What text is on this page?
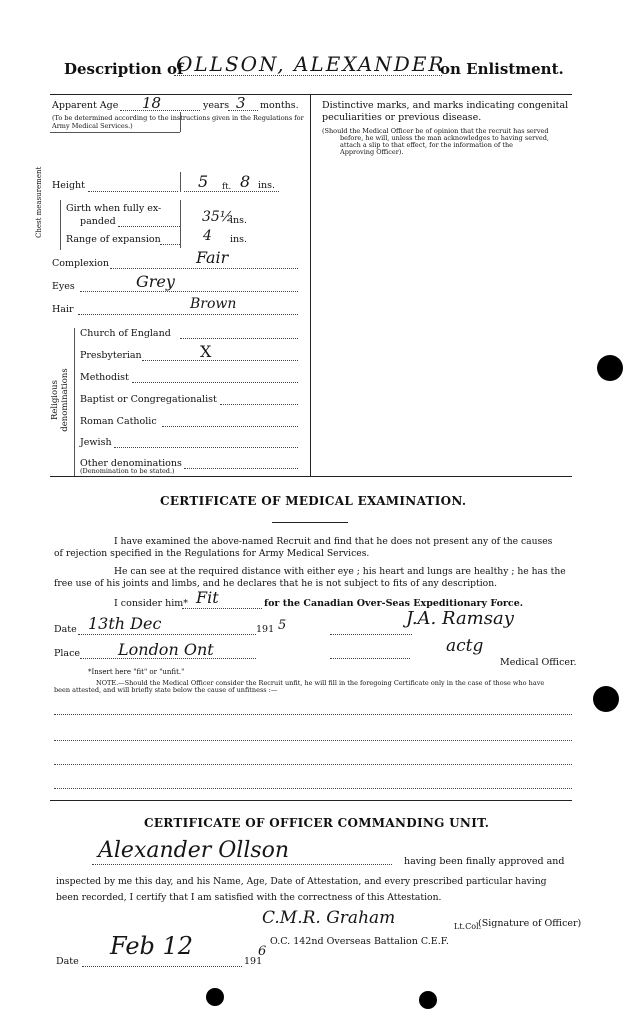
Description of
OLLSON, ALEXANDER
on Enlistment.
Apparent Age 18	years 3 months.
(To be determined according to the instructions given in the Regulations for Army Medical Services.)
Height	5 ft. 8 ins.
Chest measurement Girth when fully ex-
panded	35½
ins.
Range of expansion	4 ins.
Complexion	Fair
Eyes	Grey
Hair	Brown
Religious denominations
Church of England
Presbyterian	X
Methodist
Baptist or Congregationalist
Roman Catholic
Jewish
Other denominations
(Denomination to be stated.)
Distinctive marks, and marks indicating congenital
peculiarities or previous disease.
(Should the Medical Officer be of opinion that the recruit has served
before, he will, unless the man acknowledges to having served,
attach a slip to that effect, for the information of the
Approving Officer).
CERTIFICATE OF MEDICAL EXAMINATION.
I have examined the above-named Recruit and find that he does not present any of the causes
of rejection specified in the Regulations for Army Medical Services.
He can see at the required distance with either eye ; his heart and lungs are healthy ; he has the
free use of his joints and limbs, and he declares that he is not subject to fits of any description.
I consider him* Fit	for the Canadian Over-Seas Expeditionary Force.
Date 13th Dec	191 5	J.A. Ramsay
Place London Ont	actg
*Insert here "fit" or "unfit."
Medical Officer.
NOTE.—Should the Medical Officer consider the Recruit unfit, he will fill in the foregoing Certificate only in the case of those who have
been attested, and will briefly state below the cause of unfitness :—
CERTIFICATE OF OFFICER COMMANDING UNIT.
Alexander Ollson	having been finally approved and
inspected by me this day, and his Name, Age, Date of Attestation, and every prescribed particular having
been recorded, I certify that I am satisfied with the correctness of this Attestation.
C.M.R. Graham	Lt.Col.
(Signature of Officer)
O.C. 142nd Overseas Battalion C.E.F.
Date
Feb 12
191
6
